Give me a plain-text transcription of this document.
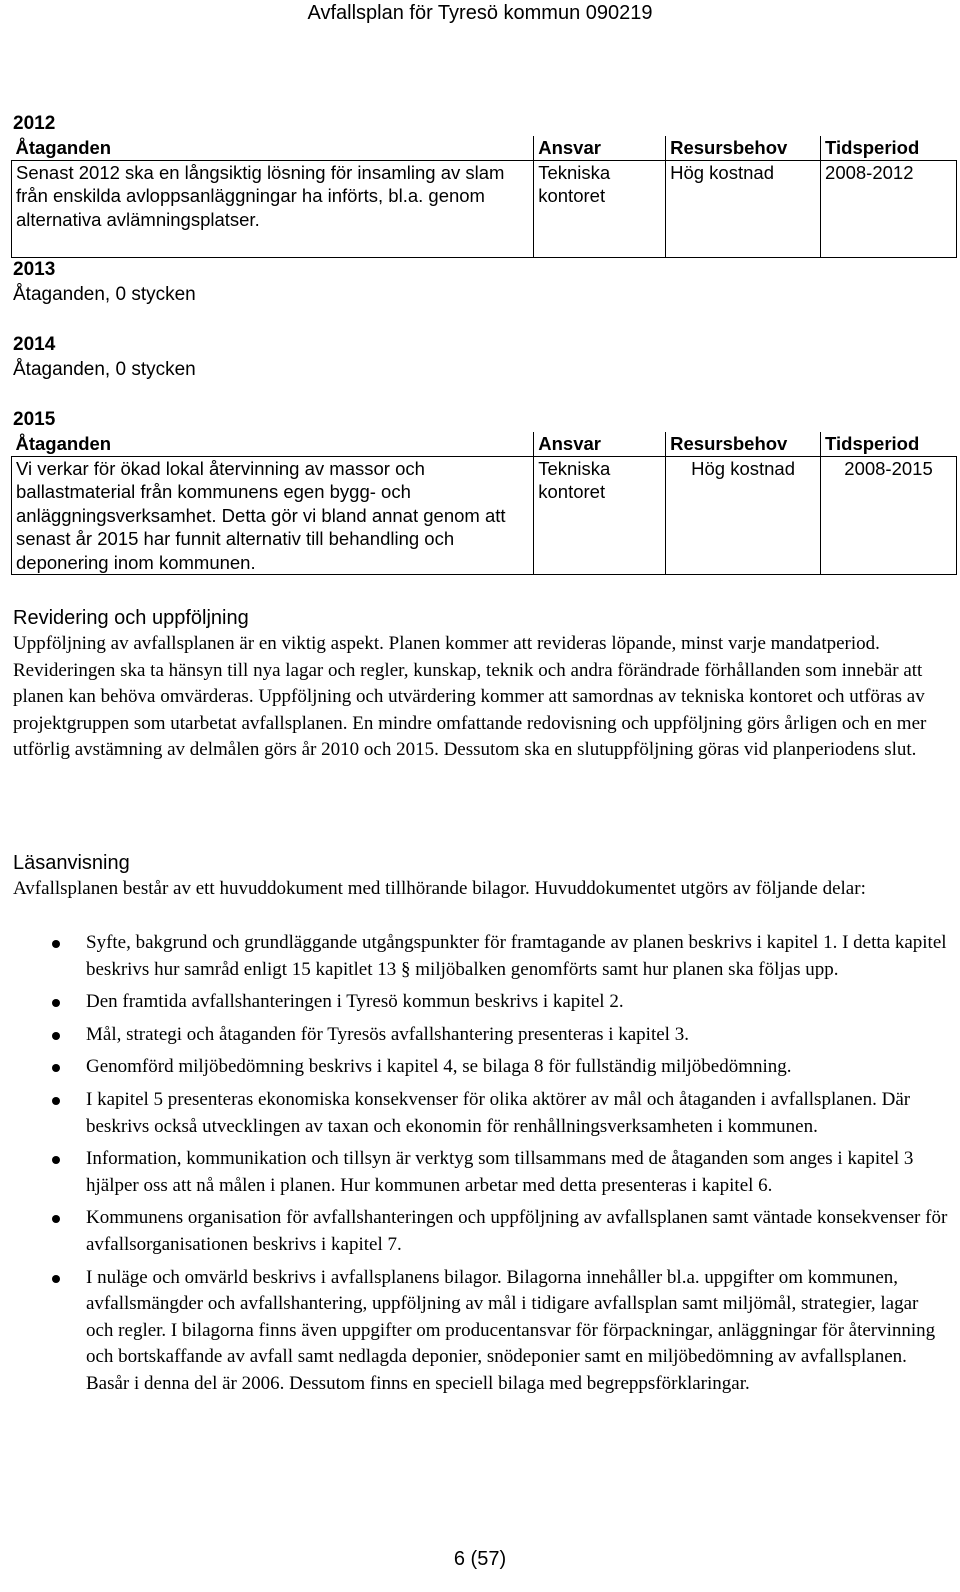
Avfallsplan för Tyresö kommun 090219
2012
Åtaganden	Ansvar	Resursbehov	Tidsperiod
Senast 2012 ska en långsiktig lösning för insamling av slam från enskilda avloppsanläggningar ha införts, bl.a. genom alternativa avlämningsplatser.	Tekniska kontoret	Hög kostnad	2008-2012
2013
Åtaganden, 0 stycken
2014
Åtaganden, 0 stycken
2015
Åtaganden	Ansvar	Resursbehov	Tidsperiod
Vi verkar för ökad lokal återvinning av massor och ballastmaterial från kommunens egen bygg- och anläggningsverksamhet. Detta gör vi bland annat genom att senast år 2015 har funnit alternativ till behandling och deponering inom kommunen.	Tekniska kontoret	Hög kostnad	2008-2015
Revidering och uppföljning
Uppföljning av avfallsplanen är en viktig aspekt. Planen kommer att revideras löpande, minst varje mandatperiod. Revideringen ska ta hänsyn till nya lagar och regler, kunskap, teknik och andra förändrade förhållanden som innebär att planen kan behöva omvärderas. Uppföljning och utvärdering kommer att samordnas av tekniska kontoret och utföras av projektgruppen som utarbetat avfallsplanen. En mindre omfattande redovisning och uppföljning görs årligen och en mer utförlig avstämning av delmålen görs år 2010 och 2015. Dessutom ska en slutuppföljning göras vid planperiodens slut.
Läsanvisning
Avfallsplanen består av ett huvuddokument med tillhörande bilagor. Huvuddokumentet utgörs av följande delar:
Syfte, bakgrund och grundläggande utgångspunkter för framtagande av planen beskrivs i kapitel 1. I detta kapitel beskrivs hur samråd enligt 15 kapitlet 13 § miljöbalken genomförts samt hur planen ska följas upp.
Den framtida avfallshanteringen i Tyresö kommun beskrivs i kapitel 2.
Mål, strategi och åtaganden för Tyresös avfallshantering presenteras i kapitel 3.
Genomförd miljöbedömning beskrivs i kapitel 4, se bilaga 8 för fullständig miljöbedömning.
I kapitel 5 presenteras ekonomiska konsekvenser för olika aktörer av mål och åtaganden i avfallsplanen. Där beskrivs också utvecklingen av taxan och ekonomin för renhållningsverksamheten i kommunen.
Information, kommunikation och tillsyn är verktyg som tillsammans med de åtaganden som anges i kapitel 3 hjälper oss att nå målen i planen. Hur kommunen arbetar med detta presenteras i kapitel 6.
Kommunens organisation för avfallshanteringen och uppföljning av avfallsplanen samt väntade konsekvenser för avfallsorganisationen beskrivs i kapitel 7.
I nuläge och omvärld beskrivs i avfallsplanens bilagor. Bilagorna innehåller bl.a. uppgifter om kommunen, avfallsmängder och avfallshantering, uppföljning av mål i tidigare avfallsplan samt miljömål, strategier, lagar och regler. I bilagorna finns även uppgifter om producentansvar för förpackningar, anläggningar för återvinning och bortskaffande av avfall samt nedlagda deponier, snödeponier samt en miljöbedömning av avfallsplanen. Basår i denna del är 2006. Dessutom finns en speciell bilaga med begreppsförklaringar.
6 (57)
